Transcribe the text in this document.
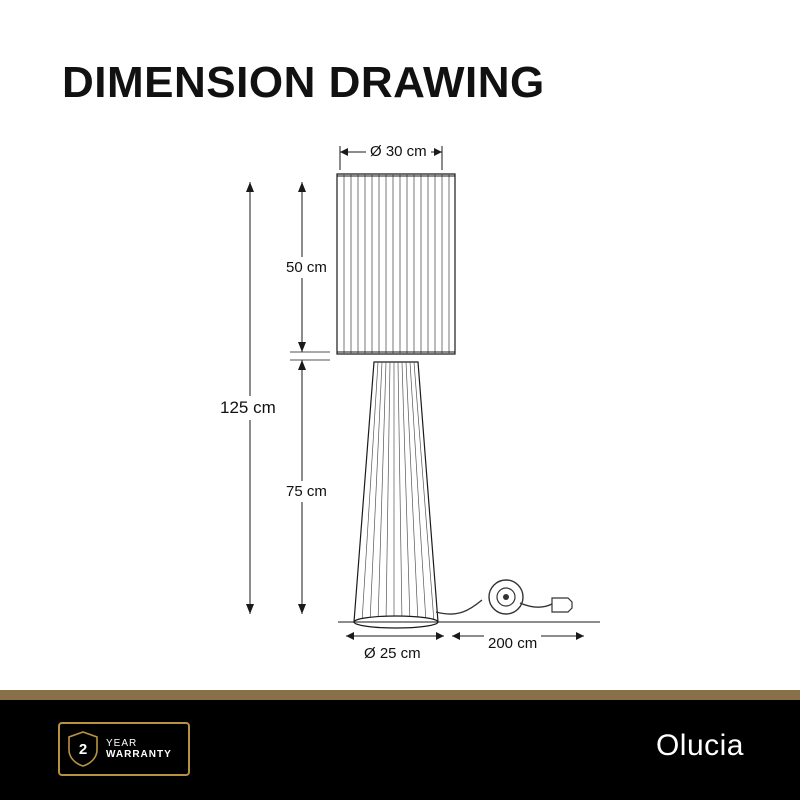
DIMENSION DRAWING
Ø 30 cm
50 cm
75 cm
125 cm
Ø 25 cm
200 cm
2	YEAR
WARRANTY	Olucia
